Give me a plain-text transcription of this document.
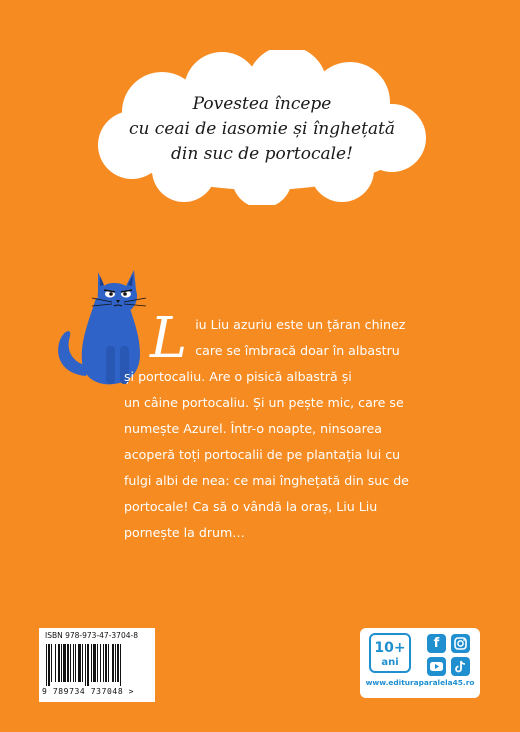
Povestea începe
cu ceai de iasomie și înghețată
din suc de portocale!
L iu Liu azuriu este un țăran chinez
care se îmbracă doar în albastru
și portocaliu. Are o pisică albastră și
un câine portocaliu. Și un pește mic, care se
numește Azurel. Într-o noapte, ninsoarea
acoperă toți portocalii de pe plantația lui cu
fulgi albi de nea: ce mai înghețată din suc de
portocale! Ca să o vândă la oraș, Liu Liu
pornește la drum…
ISBN 978-973-47-3704-8
9 789734 737048 >
10+
ani
f
www.edituraparalela45.ro
